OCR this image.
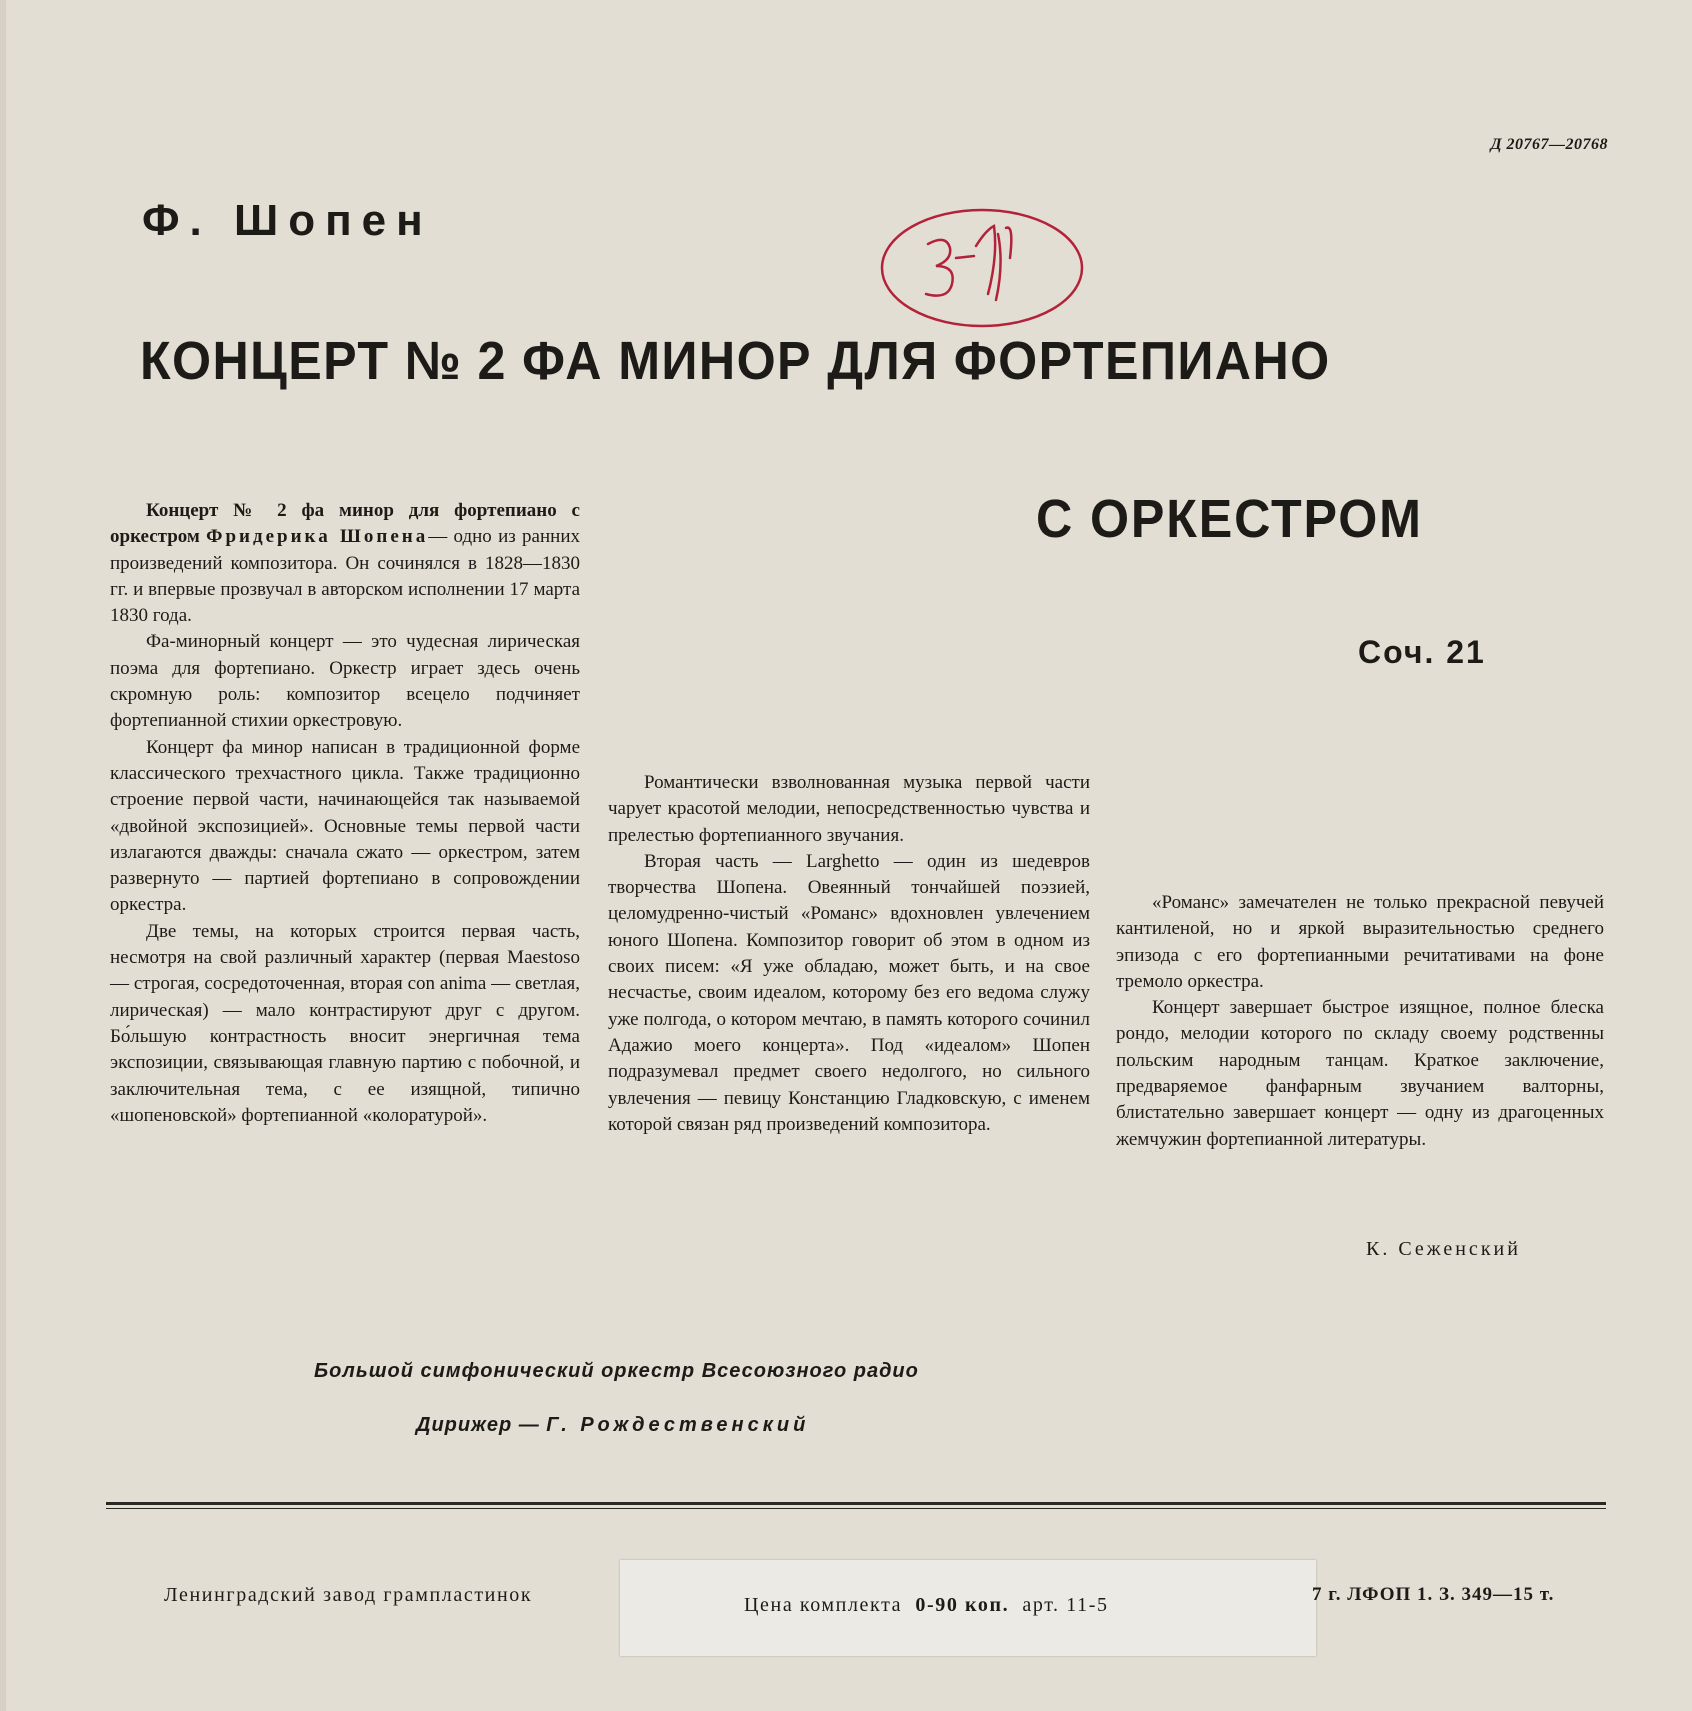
Д 20767—20768
Ф. Шопен
КОНЦЕРТ № 2 ФА МИНОР ДЛЯ ФОРТЕПИАНО
С ОРКЕСТРОМ
Соч. 21

Концерт № 2 фа минор для фортепиано с оркестром Фридерика Шопена— одно из ранних произведений композитора. Он сочинялся в 1828—1830 гг. и впервые прозвучал в авторском исполнении 17 марта 1830 года.

Фа-минорный концерт — это чудесная лирическая поэма для фортепиано. Оркестр играет здесь очень скромную роль: композитор всецело подчиняет фортепианной стихии оркестровую.

Концерт фа минор написан в традиционной форме классического трехчастного цикла. Также традиционно строение первой части, начинающейся так называемой «двойной экспозицией». Основные темы первой части излагаются дважды: сначала сжато — оркестром, затем развернуто — партией фортепиано в сопровождении оркестра.

Две темы, на которых строится первая часть, несмотря на свой различный характер (первая Maestoso — строгая, сосредоточенная, вторая con anima — светлая, лирическая) — мало контрастируют друг с другом. Бо́льшую контрастность вносит энергичная тема экспозиции, связывающая главную партию с побочной, и заключительная тема, с ее изящной, типично «шопеновской» фортепианной «колоратурой».

Романтически взволнованная музыка первой части чарует красотой мелодии, непосредственностью чувства и прелестью фортепианного звучания.

Вторая часть — Larghetto — один из шедевров творчества Шопена. Овеянный тончайшей поэзией, целомудренно-чистый «Романс» вдохновлен увлечением юного Шопена. Композитор говорит об этом в одном из своих писем: «Я уже обладаю, может быть, и на свое несчастье, своим идеалом, которому без его ведома служу уже полгода, о котором мечтаю, в память которого сочинил Адажио моего концерта». Под «идеалом» Шопен подразумевал предмет своего недолгого, но сильного увлечения — певицу Констанцию Гладковскую, с именем которой связан ряд произведений композитора.

«Романс» замечателен не только прекрасной певучей кантиленой, но и яркой выразительностью среднего эпизода с его фортепианными речитативами на фоне тремоло оркестра.

Концерт завершает быстрое изящное, полное блеска рондо, мелодии которого по складу своему родственны польским народным танцам. Краткое заключение, предваряемое фанфарным звучанием валторны, блистательно завершает концерт — одну из драгоценных жемчужин фортепианной литературы.

К. Сеженский
Большой симфонический оркестр Всесоюзного радио
Дирижер — Г. Рождественский
Ленинградский завод грампластинок	Цена комплекта 0-90 коп. арт. 11-5	7 г. ЛФОП 1. З. 349—15 т.
